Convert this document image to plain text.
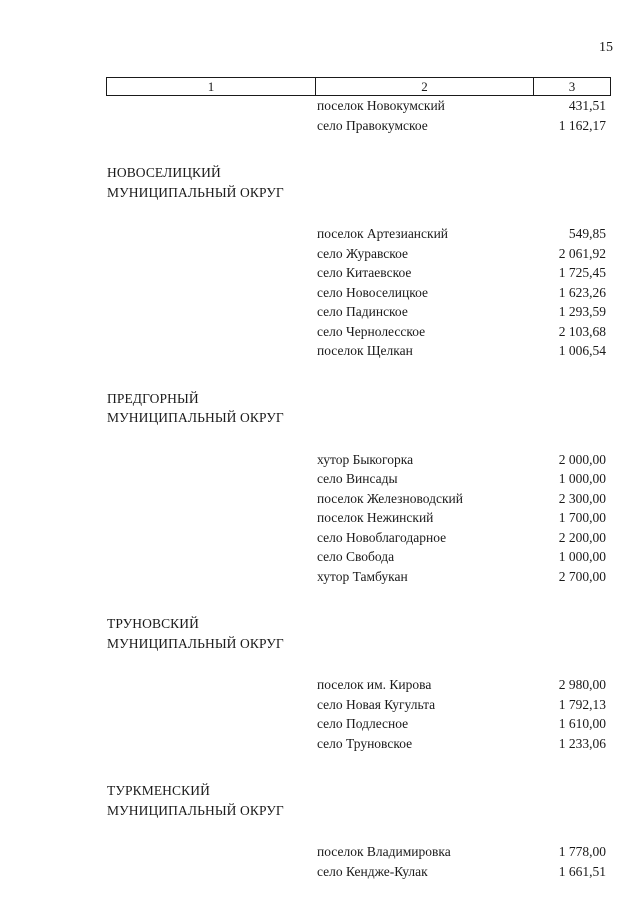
15
1	2	3
поселок Новокумский	431,51
село Правокумское	1 162,17
НОВОСЕЛИЦКИЙ
МУНИЦИПАЛЬНЫЙ ОКРУГ
поселок Артезианский	549,85
село Журавское	2 061,92
село Китаевское	1 725,45
село Новоселицкое	1 623,26
село Падинское	1 293,59
село Чернолесское	2 103,68
поселок Щелкан	1 006,54
ПРЕДГОРНЫЙ
МУНИЦИПАЛЬНЫЙ ОКРУГ
хутор Быкогорка	2 000,00
село Винсады	1 000,00
поселок Железноводский	2 300,00
поселок Нежинский	1 700,00
село Новоблагодарное	2 200,00
село Свобода	1 000,00
хутор Тамбукан	2 700,00
ТРУНОВСКИЙ
МУНИЦИПАЛЬНЫЙ ОКРУГ
поселок им. Кирова	2 980,00
село Новая Кугульта	1 792,13
село Подлесное	1 610,00
село Труновское	1 233,06
ТУРКМЕНСКИЙ
МУНИЦИПАЛЬНЫЙ ОКРУГ
поселок Владимировка	1 778,00
село Кендже-Кулак	1 661,51
